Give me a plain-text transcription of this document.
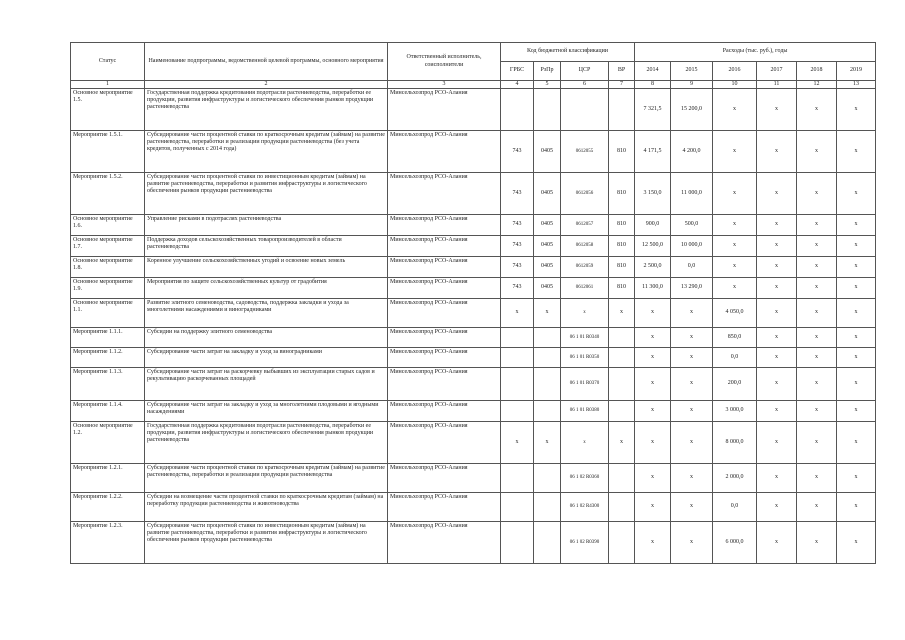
Статус	Наименование подпрограммы, ведомственной целевой программы, основного мероприятия	Ответственный исполнитель, соисполнители	Код бюджетной классификации				Расходы (тыс. руб.), годы					
			ГРБС	РзПр	ЦСР	ВР	2014	2015	2016	2017	2018	2019
1	2	3	4	5	6	7	8	9	10	11	12	13
Основное мероприятие 1.5.	Государственная поддержка кредитования подотрасли растениеводства, переработки ее продукции, развития инфраструктуры и логистического обеспечения рынков продукции растениеводства	Минсельхозпрод РСО-Алания					7 321,5	15 200,0	x	x	x	x
Мероприятие 1.5.1.	Субсидирование части процентной ставки по краткосрочным кредитам (займам) на развитие растениеводства, переработки и реализации продукции растениеводства (без учета кредитов, полученных с 2014 года)	Минсельхозпрод РСО-Алания	743	0405	0612055	810	4 171,5	4 200,0	x	x	x	x
Мероприятие 1.5.2.	Субсидирование части процентной ставки по инвестиционным кредитам (займам) на развитие растениеводства, переработки и развития инфраструктуры и логистического обеспечения рынков продукции растениеводства	Минсельхозпрод РСО-Алания	743	0405	0612056	810	3 150,0	11 000,0	x	x	x	x
Основное мероприятие 1.6.	Управление рисками в подотраслях растениеводства	Минсельхозпрод РСО-Алания	743	0405	0612057	810	900,0	500,0	x	x	x	x
Основное мероприятие 1.7.	Поддержка доходов сельскохозяйственных товаропроизводителей в области растениеводства	Минсельхозпрод РСО-Алания	743	0405	0612058	810	12 500,0	10 000,0	x	x	x	x
Основное мероприятие 1.8.	Коренное улучшение сельскохозяйственных угодий и освоение новых земель	Минсельхозпрод РСО-Алания	743	0405	0612059	810	2 500,0	0,0	x	x	x	x
Основное мероприятие 1.9.	Мероприятия по защите сельскохозяйственных культур от градобития	Минсельхозпрод РСО-Алания	743	0405	0612061	810	11 300,0	13 290,0	x	x	x	x
Основное мероприятие 1.1.	Развитие элитного семеноводства, садоводства, поддержка закладки и ухода за многолетними насаждениями и виноградниками	Минсельхозпрод РСО-Алания	x	x	x	x	x	x	4 050,0	x	x	x
Мероприятие 1.1.1.	Субсидии на поддержку элитного семеноводства	Минсельхозпрод РСО-Алания			06 1 01 R0340		x	x	850,0	x	x	x
Мероприятие 1.1.2.	Субсидирование части затрат на закладку и уход за виноградниками	Минсельхозпрод РСО-Алания			06 1 01 R0350		x	x	0,0	x	x	x
Мероприятие 1.1.3.	Субсидирование части затрат на раскорчевку выбывших из эксплуатации старых садов и рекультивацию раскорчеванных площадей	Минсельхозпрод РСО-Алания			06 1 01 R0370		x	x	200,0	x	x	x
Мероприятие 1.1.4.	Субсидирование части затрат на закладку и уход за многолетними плодовыми и ягодными насаждениями	Минсельхозпрод РСО-Алания			06 1 01 R0380		x	x	3 000,0	x	x	x
Основное мероприятие 1.2.	Государственная поддержка кредитования подотрасли растениеводства, переработки ее продукции, развития инфраструктуры и логистического обеспечения рынков продукции растениеводства	Минсельхозпрод РСО-Алания	x	x	x	x	x	x	8 000,0	x	x	x
Мероприятие 1.2.1.	Субсидирование части процентной ставки по краткосрочным кредитам (займам) на развитие растениеводства, переработки и реализации продукции растениеводства	Минсельхозпрод РСО-Алания			06 1 02 R0360		x	x	2 000,0	x	x	x
Мероприятие 1.2.2.	Субсидии на возмещение части процентной ставки по краткосрочным кредитам (займам) на переработку продукции растениеводства и животноводства	Минсельхозпрод РСО-Алания			06 1 02 R4300		x	x	0,0	x	x	x
Мероприятие 1.2.3.	Субсидирование части процентной ставки по инвестиционным кредитам (займам) на развитие растениеводства, переработки и развития инфраструктуры и логистического обеспечения рынков продукции растениеводства	Минсельхозпрод РСО-Алания			06 1 02 R0390		x	x	6 000,0	x	x	x
